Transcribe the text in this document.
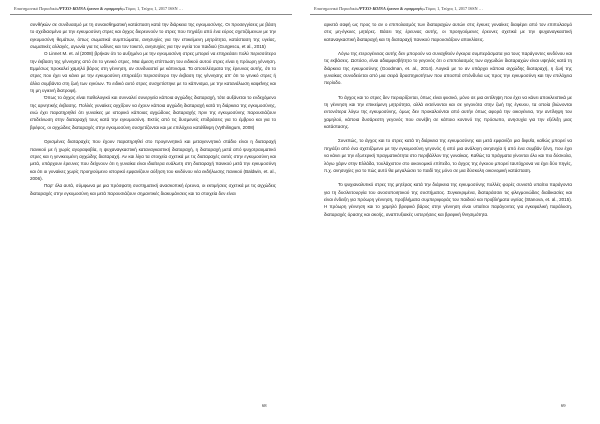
Επιστημονικό Περιοδικό«ΨΥΧΟ-ΚΟΙΝΑ έρευνα & εφαρμογές»Τόμος 1, Τεύχος 1, 2017 ISSN …

συνθήκών σε συνδυασμό με τη συναισθηματική κατάσταση κατά την διάρκεια της εγκυμοσύνης. Οι προσεγγίσεις με βάση το σχεδιασμένο με την εγκυμοσύνη στρες και άγχος διερευνούν το στρες που πηγάζει από ένα εύρος σχετιζόμενων με την εγκυμοσύνη θεμάτων, όπως σωματικά συμπτώματα, ανησυχίες για την επικείμενη μητρότητα, κατάσταση της υγείας, σωματικές αλλαγές, αγωνία για τις ωδίνες και τον τοκετό, ανησυχίες για την υγεία του παιδιού (Gurgescu, et al., 2015)

Ο Linnet Μ. et. al (2008) βρήκαν ότι το αυξημένο με την εγκυμοσύνη στρες μπορεί να επηρεάσει πολύ περισσότερο την έκβαση της γέννησης από ότι το γενικό στρες. Μια άμεση επίπτωση του ειδικού αυτού στρες είναι η πρόωρη γέννηση. Εμμέσως προκαλεί χαμηλό βάρος στη γέννηση, αν συνδυαστεί με κάπνισμα. Τα αποτελέσματα της έρευνας αυτής, ότι το στρες που έχει να κάνει με την εγκυμοσύνη επηρεάζει περισσότερο την έκβαση της γέννησης απ' ότι το γενικό στρες ή άλλα συμβάντα στη ζωή των εγκύων. Το ειδικό αυτό στρες συσχετίστηκε με το κάπνισμα, με την κατανάλωση καφεΐνης και τη μη υγιεινή διατροφή.

Όπως το άγχος είναι παθολογικό και συνναλεί συνεργεία κάποια αγχώδης διαταραχή, τότε αυξάνεται το ενδεχόμενο της αρνητικής έκβασης. Πολλές γυναίκες αγχίζουν να έχουν κάποια αγχώδη διαταραχή κατά τη διάρκεια της εγκυμοσύνης, ενώ έχει παρατηρηθεί ότι γυναίκες με ιστορικό κάποιας αγχώδους διαταραχής πριν της εγκυμοσύνης παρουσιάζουν επιδείνωση στην διαταραχή τους κατά την εγκυμοσύνη. Εκτός από τις δυσμενείς επιδράσεις για το έμβρυο και για το βρέφος, οι αγχώδεις διαταραχές στην εγκυμοσύνη συσχετίζονται και με επιλόχειο κατάθλιψη (Vythilingum, 2008)

Ορισμένες διαταραχές που έχουν παρατηρηθεί στο προγεννητικό και μεταγεννητικό στάδιο είναι η διαταραχή πανικού με ή χωρίς αγοραφοβία, η ψυχαναγκαστική καταναγκαστική διαταραχή, η διαταραχή μετά από ψυχοτραυματικό στρες και η γενικευμένη αγχώδης διαταραχή. Αν και λίγα τα στοιχεία σχετικά με τις διαταραχές αυτές στην εγκυμοσύνη και μετά, υπάρχουν έρευνες που δείχνουν ότι η γυναίκα είναι ιδιαίτερα ευάλωτη στη διαταραχή πανικού μετά την εγκυμοσύνη και ότι οι γυναίκες χωρίς προηγούμενο ιστορικό εμφανίζουν αύξηση του κινδύνου νέα εκδήλωσης πανικού (Baldwin, et. al., 2006).

Παρ' όλα αυτά, σύμφωνα με μια πρόσφατη συστηματική ανασκοπική έρευνα, οι εκτιμήσεις σχετικά με τις αγχώδεις διαταραχές στην εγκυμοσύνη και μετά παρουσιάζουν σημαντικές διακυμάνσεις και τα στοιχεία δεν είναι

68
Επιστημονικό Περιοδικό«ΨΥΧΟ-ΚΟΙΝΑ έρευνα & εφαρμογές»Τόμος 1, Τεύχος 1, 2017 ISSN …

αρκετά σαφή ως προς το αν ο επιπολασμός των διαταραχών αυτών στις έγκυες γυναίκες διαφέρει από τον επιπολασμό στις μη-έγκυες μητέρες. Βάσει της έρευνας αυτής, οι προηγούμενες έρευνες σχετικά με την ψυχαναγκαστική καταναγκαστική διαταραχή και τη διαταραχή πανικού παρουσιάζουν αποκλίσεις.

Λόγω της ετερογένειας αυτής δεν μπορούν να συναχθούν έγκυρα συμπεράσματα για τους παράγοντες κινδύνου και τις εκβάσεις. Ωστόσο, είναι αδιαμφισβήτητο το γεγονός ότι ο επιπολασμός των αγχωδών διαταραχών είναι υψηλός κατά τη διάρκεια της εγκυμοσύνης (Goodman, et. al., 2014). Λογικά με το αν υπάρχει κάποια αγχώδης διαταραχή, η ζωή της γυναίκας συνοδεύεται από μια σειρά δραστηριοτήτων που αποσπά σπόνδυλα ως προς την εγκυμοσύνη και την επιλόχεια περίοδο.

Το άγχος και το στρες δεν περιορίζονται, όπως είναι φυσικό, μόνο σε μια αντίληψη που έχει να κάνει αποκλειστικά με τη γέννηση και την επικείμενη μητρότητα, αλλά εκτείνονται και σε γεγονότα στην ζωή της έγκυου, τα οποία βιώνονται εντονότερα λόγω της εγκυμοσύνης, όμως δεν προκαλούνται από αυτήν όπως αφορά την οικογένεια, την αντίληψη του χαμηλού, κάποια δυσάρεστη γεγονός που συνέβη σε κάποιο κοντινό της πρόσωπο, ανησυχία για την εξέλιξη μιας κατάστασης.

Συνεπώς, το άγχος και το στρες κατά τη διάρκεια της εγκυμοσύνης και μετά εμφανίζει μια διφυΐα, καθώς μπορεί να πηγάζει από ένα σχετιζόμενο με την εγκυμοσύνη γεγονός ή από μια ανάλογη ανησυχία ή από ένα συμβάν ξένη, που έχει να κάνει με την εξωτερική πραγματικότητα στο περιβάλλον της γυναίκας. Καθώς τα πράγματα γίνονται όλο και πιο δύσκολα, λόγω χάριν στην Ελλάδα, τουλάχιστον στο οικονομικό επίπεδο, το άγχος της έγκυου μπορεί ταυτόχρονα να έχει δύο πηγές, π.χ. ανησυχίες για το πώς αυτό θα μεγαλώσει το παιδί της μόνο σε μια δύσκολη οικονομική κατάσταση.

Το ψυχιαναλυτικό στρες της μητέρας κατά την διάρκεια της εγκυμοσύνης πολλές φορές συνιστά υπαίτιο παράγοντα για τη δυσλειτουργία του ανοσοποιητικού της συστήματος. Συγκεκριμένα, διαταράσσει τις φλεγμονώδεις διαδικασίες και είναι ένδειξη για πρόωρη γέννηση, προβλήματα συμπεριφοράς του παιδιού και προβλήματα υγείας (Stanova, et. al., 2015). Η πρόωρη γέννηση και το χαμηλό βρεφικό βάρος στην γέννηση είναι υπαίτιοι παράγοντες για εγκεφαλική παράλυση, διαταραχές όρασης και ακοής, αναπτυξιακές υστερήσεις και βρεφική θνησιμότητα.

69
